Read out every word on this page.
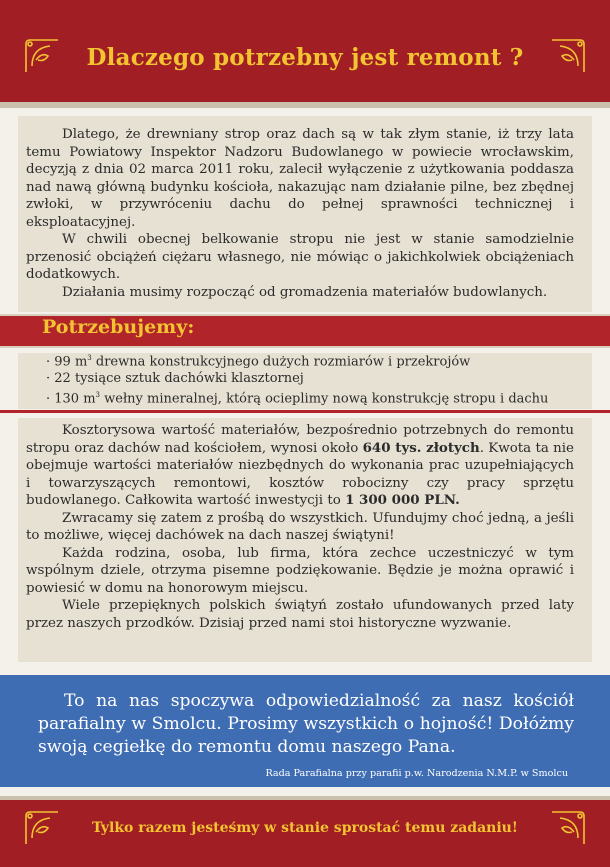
Dlaczego potrzebny jest remont ?

Dlatego, że drewniany strop oraz dach są w tak złym stanie, iż trzy lata temu Powiatowy Inspektor Nadzoru Budowlanego w powiecie wrocławskim, decyzją z dnia 02 marca 2011 roku, zalecił wyłączenie z użytkowania poddasza nad nawą główną budynku kościoła, nakazując nam działanie pilne, bez zbędnej zwłoki, w przywróceniu dachu do pełnej sprawności technicznej i eksploatacyjnej.

W chwili obecnej belkowanie stropu nie jest w stanie samodzielnie przenosić obciążeń ciężaru własnego, nie mówiąc o jakichkolwiek obciążeniach dodatkowych.

Działania musimy rozpocząć od gromadzenia materiałów budowlanych.

Potrzebujemy:
· 99 $m^3$ drewna konstrukcyjnego dużych rozmiarów i przekrojów
· 22 tysiące sztuk dachówki klasztornej
· 130 $m^3$ wełny mineralnej, którą ocieplimy nową konstrukcję stropu i dachu

Kosztorysowa wartość materiałów, bezpośrednio potrzebnych do remontu stropu oraz dachów nad kościołem, wynosi około 640 tys. złotych. Kwota ta nie obejmuje wartości materiałów niezbędnych do wykonania prac uzupełniających i towarzyszących remontowi, kosztów robocizny czy pracy sprzętu budowlanego. Całkowita wartość inwestycji to 1 300 000 PLN.

Zwracamy się zatem z prośbą do wszystkich. Ufundujmy choć jedną, a jeśli to możliwe, więcej dachówek na dach naszej świątyni!

Każda rodzina, osoba, lub firma, która zechce uczestniczyć w tym wspólnym dziele, otrzyma pisemne podziękowanie. Będzie je można oprawić i powiesić w domu na honorowym miejscu.

Wiele przepięknych polskich świątyń zostało ufundowanych przed laty przez naszych przodków. Dzisiaj przed nami stoi historyczne wyzwanie.

To na nas spoczywa odpowiedzialność za nasz kościół parafialny w Smolcu. Prosimy wszystkich o hojność! Dołóżmy swoją cegiełkę do remontu domu naszego Pana.

Rada Parafialna przy parafii p.w. Narodzenia N.M.P. w Smolcu
Tylko razem jesteśmy w stanie sprostać temu zadaniu!
